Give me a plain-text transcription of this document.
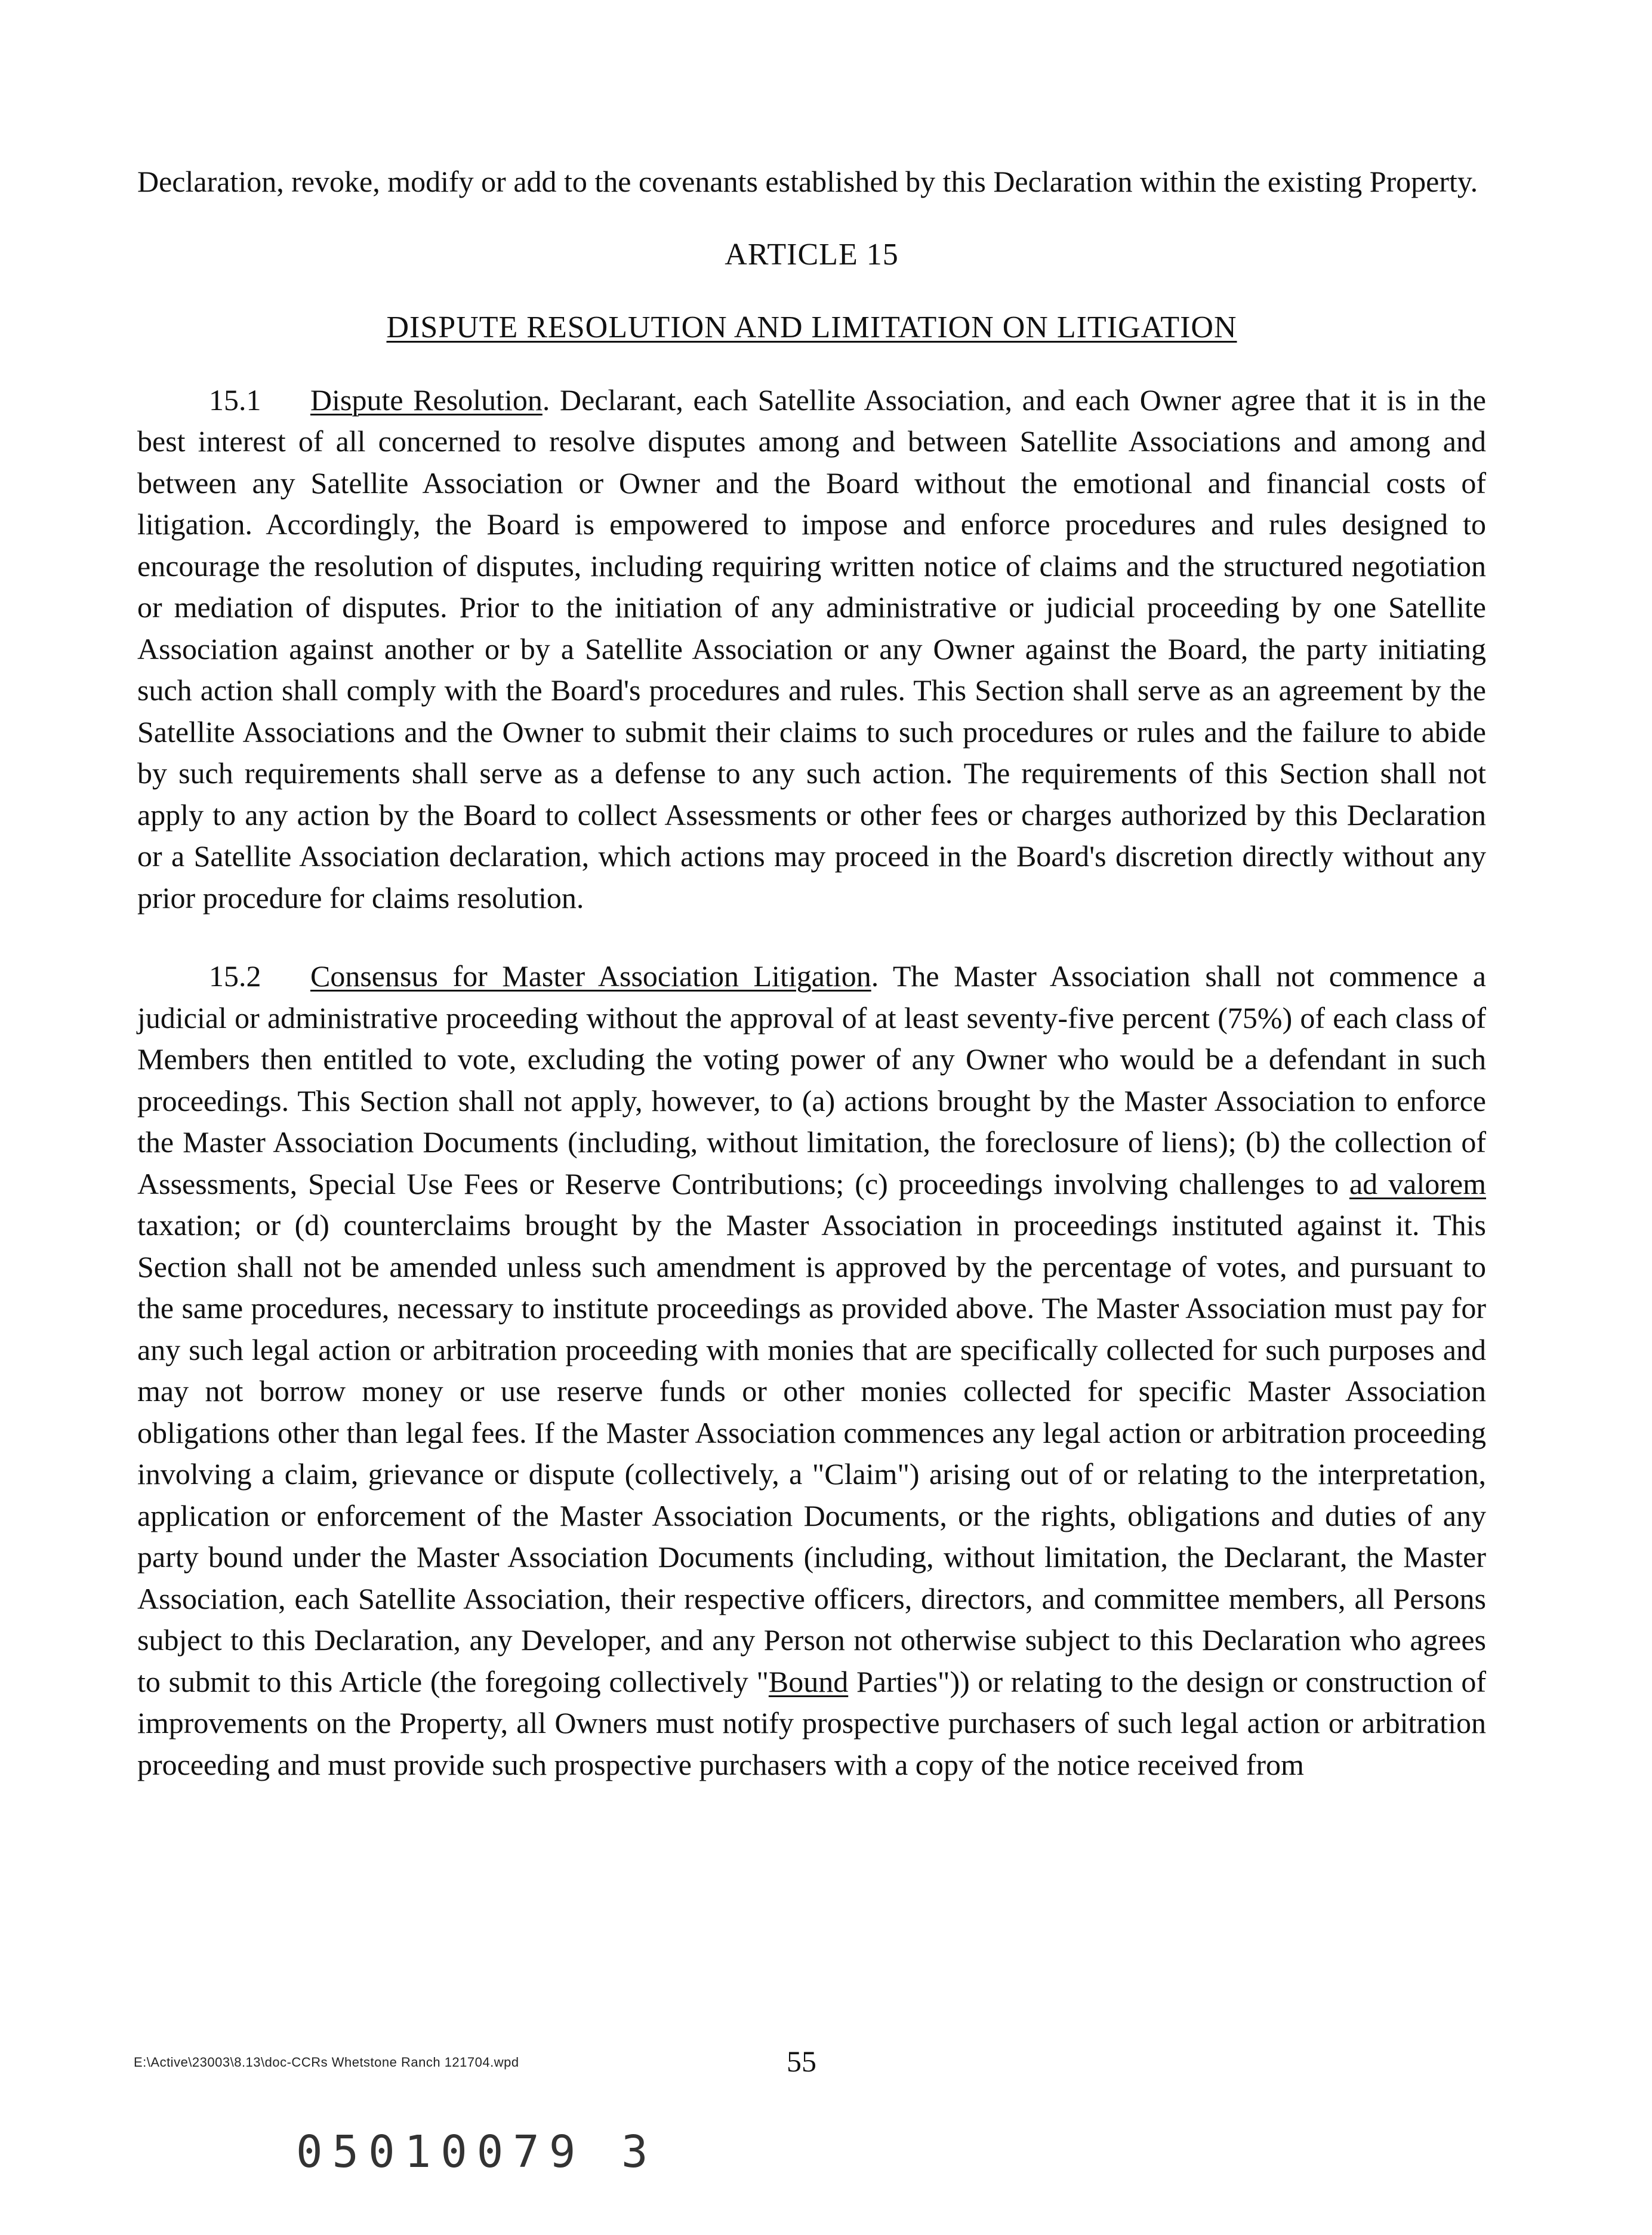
Declaration, revoke, modify or add to the covenants established by this Declaration within the existing Property.

ARTICLE 15

DISPUTE RESOLUTION AND LIMITATION ON LITIGATION

15.1 Dispute Resolution. Declarant, each Satellite Association, and each Owner agree that it is in the best interest of all concerned to resolve disputes among and between Satellite Associations and among and between any Satellite Association or Owner and the Board without the emotional and financial costs of litigation. Accordingly, the Board is empowered to impose and enforce procedures and rules designed to encourage the resolution of disputes, including requiring written notice of claims and the structured negotiation or mediation of disputes. Prior to the initiation of any administrative or judicial proceeding by one Satellite Association against another or by a Satellite Association or any Owner against the Board, the party initiating such action shall comply with the Board's procedures and rules. This Section shall serve as an agreement by the Satellite Associations and the Owner to submit their claims to such procedures or rules and the failure to abide by such requirements shall serve as a defense to any such action. The requirements of this Section shall not apply to any action by the Board to collect Assessments or other fees or charges authorized by this Declaration or a Satellite Association declaration, which actions may proceed in the Board's discretion directly without any prior procedure for claims resolution.

15.2 Consensus for Master Association Litigation. The Master Association shall not commence a judicial or administrative proceeding without the approval of at least seventy-five percent (75%) of each class of Members then entitled to vote, excluding the voting power of any Owner who would be a defendant in such proceedings. This Section shall not apply, however, to (a) actions brought by the Master Association to enforce the Master Association Documents (including, without limitation, the foreclosure of liens); (b) the collection of Assessments, Special Use Fees or Reserve Contributions; (c) proceedings involving challenges to ad valorem taxation; or (d) counterclaims brought by the Master Association in proceedings instituted against it. This Section shall not be amended unless such amendment is approved by the percentage of votes, and pursuant to the same procedures, necessary to institute proceedings as provided above. The Master Association must pay for any such legal action or arbitration proceeding with monies that are specifically collected for such purposes and may not borrow money or use reserve funds or other monies collected for specific Master Association obligations other than legal fees. If the Master Association commences any legal action or arbitration proceeding involving a claim, grievance or dispute (collectively, a "Claim") arising out of or relating to the interpretation, application or enforcement of the Master Association Documents, or the rights, obligations and duties of any party bound under the Master Association Documents (including, without limitation, the Declarant, the Master Association, each Satellite Association, their respective officers, directors, and committee members, all Persons subject to this Declaration, any Developer, and any Person not otherwise subject to this Declaration who agrees to submit to this Article (the foregoing collectively "Bound Parties")) or relating to the design or construction of improvements on the Property, all Owners must notify prospective purchasers of such legal action or arbitration proceeding and must provide such prospective purchasers with a copy of the notice received from

E:\Active\23003\8.13\doc-CCRs Whetstone Ranch 121704.wpd	55
05010079 3
